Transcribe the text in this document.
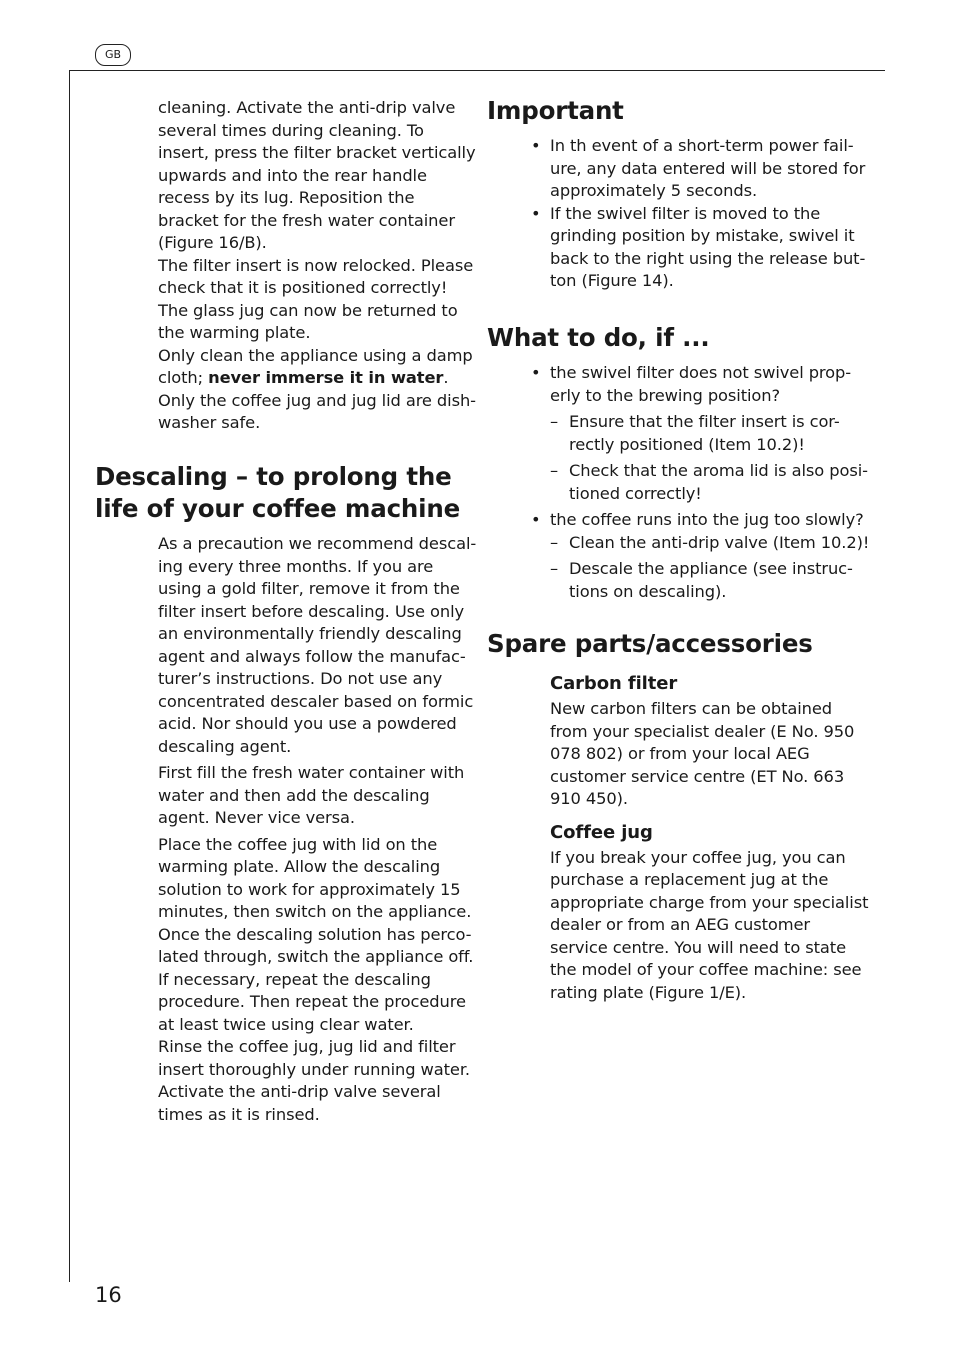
GB

cleaning. Activate the anti-drip valve several times during cleaning. To insert, press the filter bracket vertically upwards and into the rear handle recess by its lug. Reposition the bracket for the fresh water container (Figure 16/B).

The filter insert is now relocked. Please check that it is positioned correctly!

The glass jug can now be returned to the warming plate.

Only clean the appliance using a damp cloth; never immerse it in water. Only the coffee jug and jug lid are dish-washer safe.

Descaling – to prolong the life of your coffee machine

As a precaution we recommend descal-ing every three months. If you are using a gold filter, remove it from the filter insert before descaling. Use only an environmentally friendly descaling agent and always follow the manufac-turer’s instructions. Do not use any concentrated descaler based on formic acid. Nor should you use a powdered descaling agent.

First fill the fresh water container with water and then add the descaling agent. Never vice versa.

Place the coffee jug with lid on the warming plate. Allow the descaling solution to work for approximately 15 minutes, then switch on the appliance. Once the descaling solution has perco-lated through, switch the appliance off. If necessary, repeat the descaling procedure. Then repeat the procedure at least twice using clear water.

Rinse the coffee jug, jug lid and filter insert thoroughly under running water. Activate the anti-drip valve several times as it is rinsed.

Important
• In th event of a short-term power fail-ure, any data entered will be stored for approximately 5 seconds.
• If the swivel filter is moved to the grinding position by mistake, swivel it back to the right using the release but-ton (Figure 14).
What to do, if ...
• the swivel filter does not swivel prop-erly to the brewing position?
– Ensure that the filter insert is cor-rectly positioned (Item 10.2)!
– Check that the aroma lid is also posi-tioned correctly!
• the coffee runs into the jug too slowly?
– Clean the anti-drip valve (Item 10.2)!
– Descale the appliance (see instruc-tions on descaling).
Spare parts/accessories
Carbon filter

New carbon filters can be obtained from your specialist dealer (E No. 950 078 802) or from your local AEG customer service centre (ET No. 663 910 450).

Coffee jug

If you break your coffee jug, you can purchase a replacement jug at the appropriate charge from your specialist dealer or from an AEG customer service centre. You will need to state the model of your coffee machine: see rating plate (Figure 1/E).

16
